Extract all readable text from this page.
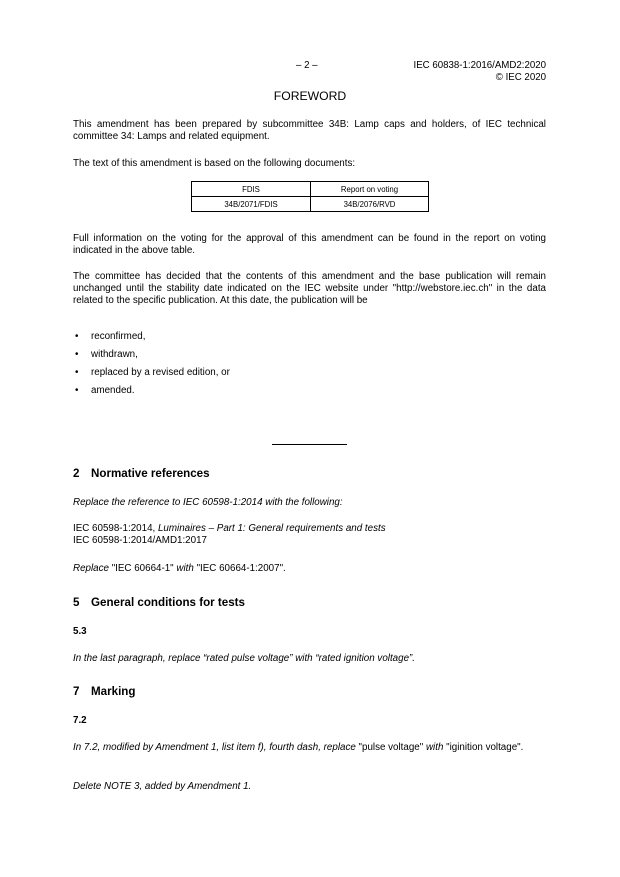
– 2 –	IEC 60838-1:2016/AMD2:2020
© IEC 2020
FOREWORD
This amendment has been prepared by subcommittee 34B: Lamp caps and holders, of IEC technical committee 34: Lamps and related equipment.
The text of this amendment is based on the following documents:
FDIS	Report on voting
34B/2071/FDIS	34B/2076/RVD
Full information on the voting for the approval of this amendment can be found in the report on voting indicated in the above table.
The committee has decided that the contents of this amendment and the base publication will remain unchanged until the stability date indicated on the IEC website under "http://webstore.iec.ch" in the data related to the specific publication. At this date, the publication will be
• reconfirmed,
• withdrawn,
• replaced by a revised edition, or
• amended.
2 Normative references
Replace the reference to IEC 60598-1:2014 with the following:
IEC 60598-1:2014, Luminaires – Part 1: General requirements and tests
IEC 60598-1:2014/AMD1:2017
Replace "IEC 60664-1" with "IEC 60664-1:2007".
5 General conditions for tests
5.3
In the last paragraph, replace “rated pulse voltage” with “rated ignition voltage”.
7 Marking
7.2
In 7.2, modified by Amendment 1, list item f), fourth dash, replace "pulse voltage" with "iginition voltage".
Delete NOTE 3, added by Amendment 1.
